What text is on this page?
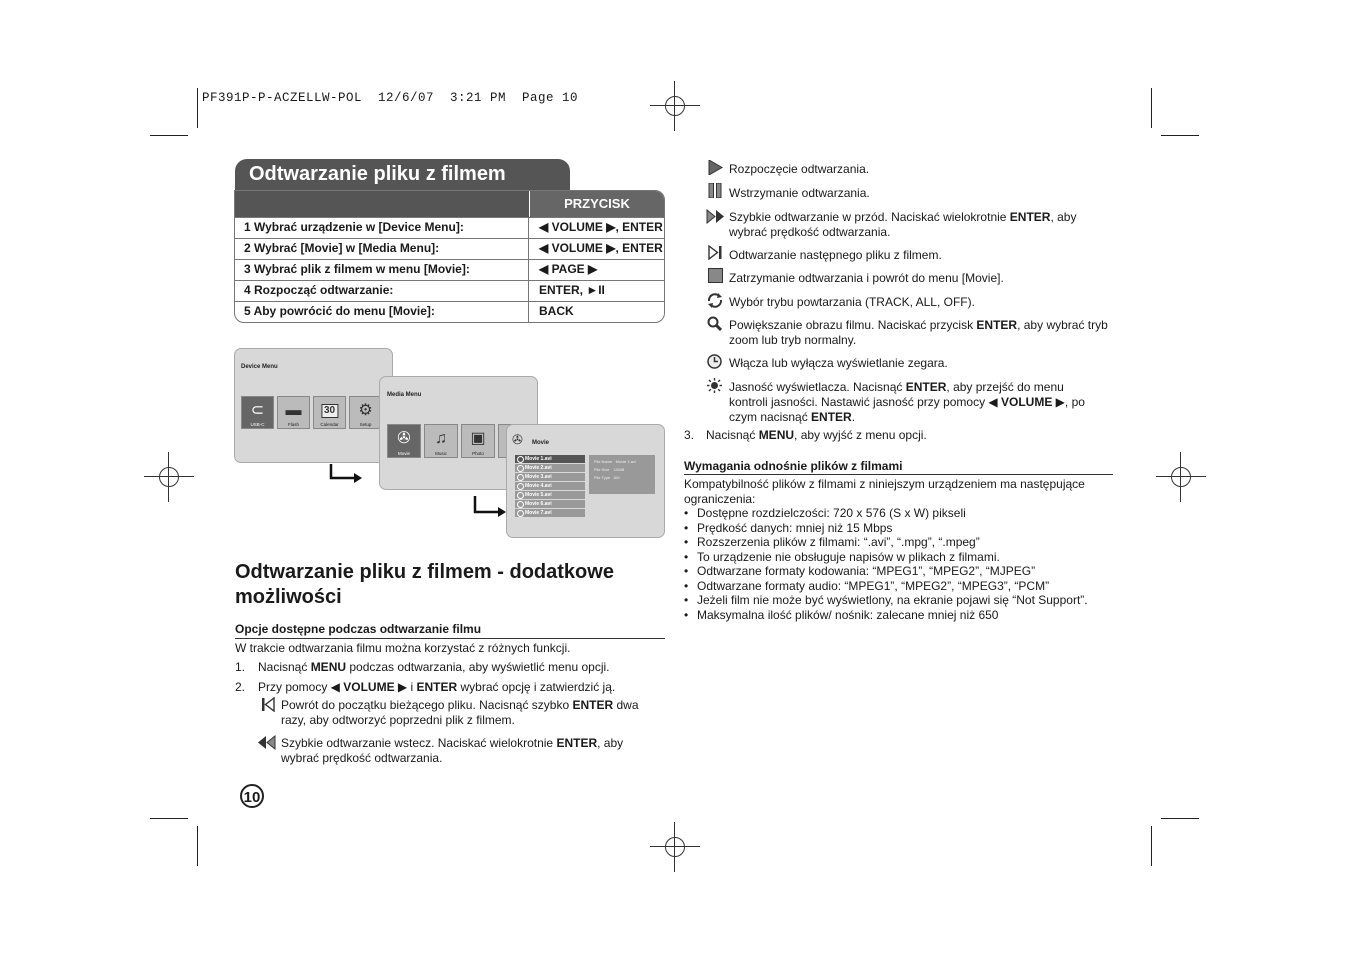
PF391P-P-ACZELLW-POL  12/6/07  3:21 PM  Page 10
Odtwarzanie pliku z filmem
PRZYCISK
1 Wybrać urządzenie w [Device Menu]:	◀ VOLUME ▶, ENTER
2 Wybrać [Movie] w [Media Menu]:	◀ VOLUME ▶, ENTER
3 Wybrać plik z filmem w menu [Movie]:	◀ PAGE ▶
4 Rozpocząć odtwarzanie:	ENTER, ►II
5 Aby powrócić do menu [Movie]:	BACK
Device Menu
⊂
USB-C
▬
Flash
30
Calendar
⚙
Setup
Media Menu
✇
Movie
♫
Music
▣
Photo
✇ Movie
Movie 1.avi
Movie 2.avi
Movie 3.avi
Movie 4.avi
Movie 5.avi
Movie 6.avi
Movie 7.avi
File Name Movie 1.avi
File Size 10MB
File Type AVI
Odtwarzanie pliku z filmem - dodatkowe
możliwości
Opcje dostępne podczas odtwarzanie filmu
W trakcie odtwarzania filmu można korzystać z różnych funkcji.
1. Nacisnąć MENU podczas odtwarzania, aby wyświetlić menu opcji.
2. Przy pomocy ◀ VOLUME ▶ i ENTER wybrać opcję i zatwierdzić ją.
Powrót do początku bieżącego pliku. Nacisnąć szybko ENTER dwa
razy, aby odtworzyć poprzedni plik z filmem.
Szybkie odtwarzanie wstecz. Naciskać wielokrotnie ENTER, aby
wybrać prędkość odtwarzania.
10
Rozpoczęcie odtwarzania.
Wstrzymanie odtwarzania.
Szybkie odtwarzanie w przód. Naciskać wielokrotnie ENTER, aby
wybrać prędkość odtwarzania.
Odtwarzanie następnego pliku z filmem.
Zatrzymanie odtwarzania i powrót do menu [Movie].
Wybór trybu powtarzania (TRACK, ALL, OFF).
Powiększanie obrazu filmu. Naciskać przycisk ENTER, aby wybrać tryb
zoom lub tryb normalny.
Włącza lub wyłącza wyświetlanie zegara.
Jasność wyświetlacza. Nacisnąć ENTER, aby przejść do menu
kontroli jasności. Nastawić jasność przy pomocy ◀ VOLUME ▶, po
czym nacisnąć ENTER.
3. Nacisnąć MENU, aby wyjść z menu opcji.
Wymagania odnośnie plików z filmami
Kompatybilność plików z filmami z niniejszym urządzeniem ma następujące
ograniczenia:
• Dostępne rozdzielczości: 720 x 576 (S x W) pikseli
• Prędkość danych: mniej niż 15 Mbps
• Rozszerzenia plików z filmami: “.avi”, “.mpg”, “.mpeg”
• To urządzenie nie obsługuje napisów w plikach z filmami.
• Odtwarzane formaty kodowania: “MPEG1”, “MPEG2”, “MJPEG”
• Odtwarzane formaty audio: “MPEG1”, “MPEG2”, “MPEG3”, “PCM”
• Jeżeli film nie może być wyświetlony, na ekranie pojawi się “Not Support”.
• Maksymalna ilość plików/ nośnik: zalecane mniej niż 650
